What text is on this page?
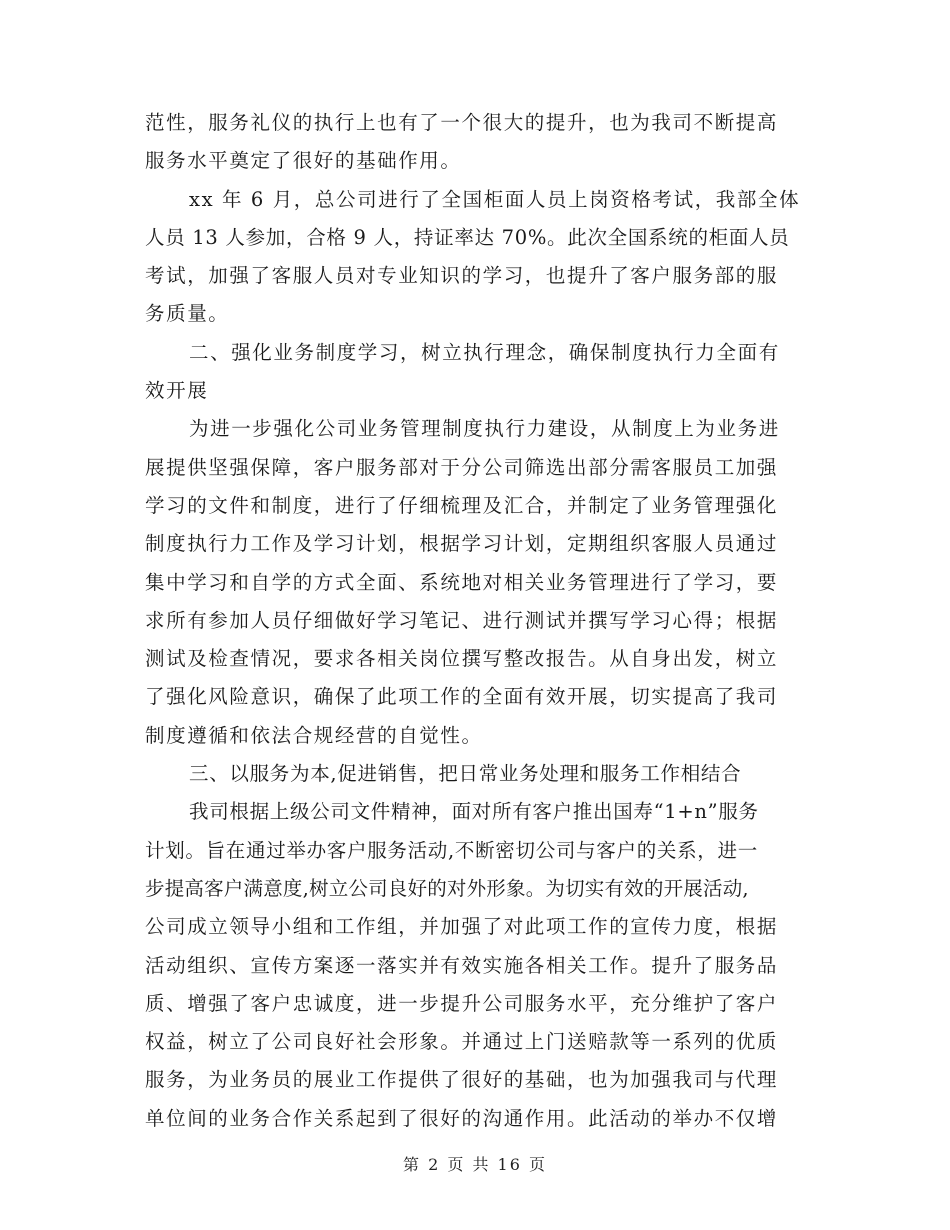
范性，服务礼仪的执行上也有了一个很大的提升，也为我司不断提高
服务水平奠定了很好的基础作用。
xx 年 6 月，总公司进行了全国柜面人员上岗资格考试，我部全体
人员 13 人参加，合格 9 人，持证率达 70%。此次全国系统的柜面人员
考试，加强了客服人员对专业知识的学习，也提升了客户服务部的服
务质量。
二、强化业务制度学习，树立执行理念，确保制度执行力全面有
效开展
为进一步强化公司业务管理制度执行力建设，从制度上为业务进
展提供坚强保障，客户服务部对于分公司筛选出部分需客服员工加强
学习的文件和制度，进行了仔细梳理及汇合，并制定了业务管理强化
制度执行力工作及学习计划，根据学习计划，定期组织客服人员通过
集中学习和自学的方式全面、系统地对相关业务管理进行了学习，要
求所有参加人员仔细做好学习笔记、进行测试并撰写学习心得；根据
测试及检查情况，要求各相关岗位撰写整改报告。从自身出发，树立
了强化风险意识，确保了此项工作的全面有效开展，切实提高了我司
制度遵循和依法合规经营的自觉性。
三、以服务为本,促进销售，把日常业务处理和服务工作相结合
我司根据上级公司文件精神，面对所有客户推出国寿“1+n”服务
计划。旨在通过举办客户服务活动,不断密切公司与客户的关系，进一
步提高客户满意度,树立公司良好的对外形象。为切实有效的开展活动,
公司成立领导小组和工作组，并加强了对此项工作的宣传力度，根据
活动组织、宣传方案逐一落实并有效实施各相关工作。提升了服务品
质、增强了客户忠诚度，进一步提升公司服务水平，充分维护了客户
权益，树立了公司良好社会形象。并通过上门送赔款等一系列的优质
服务，为业务员的展业工作提供了很好的基础，也为加强我司与代理
单位间的业务合作关系起到了很好的沟通作用。此活动的举办不仅增
第 2 页 共 16 页
